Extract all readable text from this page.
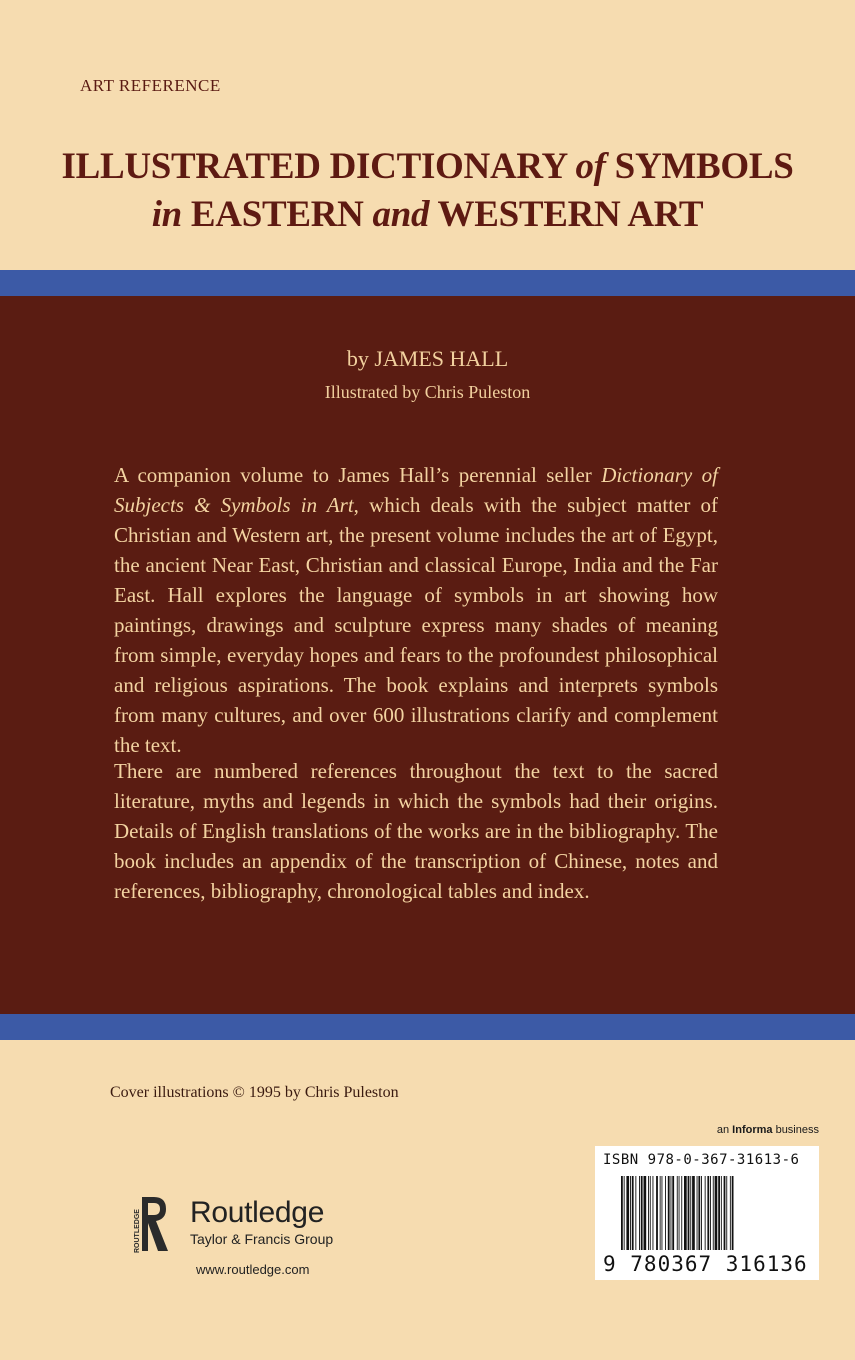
ART REFERENCE
ILLUSTRATED DICTIONARY of SYMBOLS
in EASTERN and WESTERN ART
by JAMES HALL
Illustrated by Chris Puleston
A companion volume to James Hall’s perennial seller Dictionary of Subjects & Symbols in Art, which deals with the subject matter of Christian and Western art, the present volume includes the art of Egypt, the ancient Near East, Christian and classical Europe, India and the Far East. Hall explores the language of symbols in art showing how paintings, drawings and sculpture express many shades of meaning from simple, everyday hopes and fears to the profoundest philosophical and religious aspirations. The book explains and interprets symbols from many cultures, and over 600 illustrations clarify and complement the text.
There are numbered references throughout the text to the sacred literature, myths and legends in which the symbols had their origins. Details of English translations of the works are in the bibliography. The book includes an appendix of the transcription of Chinese, notes and references, bibliography, chronological tables and index.
Cover illustrations © 1995 by Chris Puleston
an Informa business
ISBN 978-0-367-31613-6
9 780367 316136
ROUTLEDGE Routledge
Taylor & Francis Group
www.routledge.com
